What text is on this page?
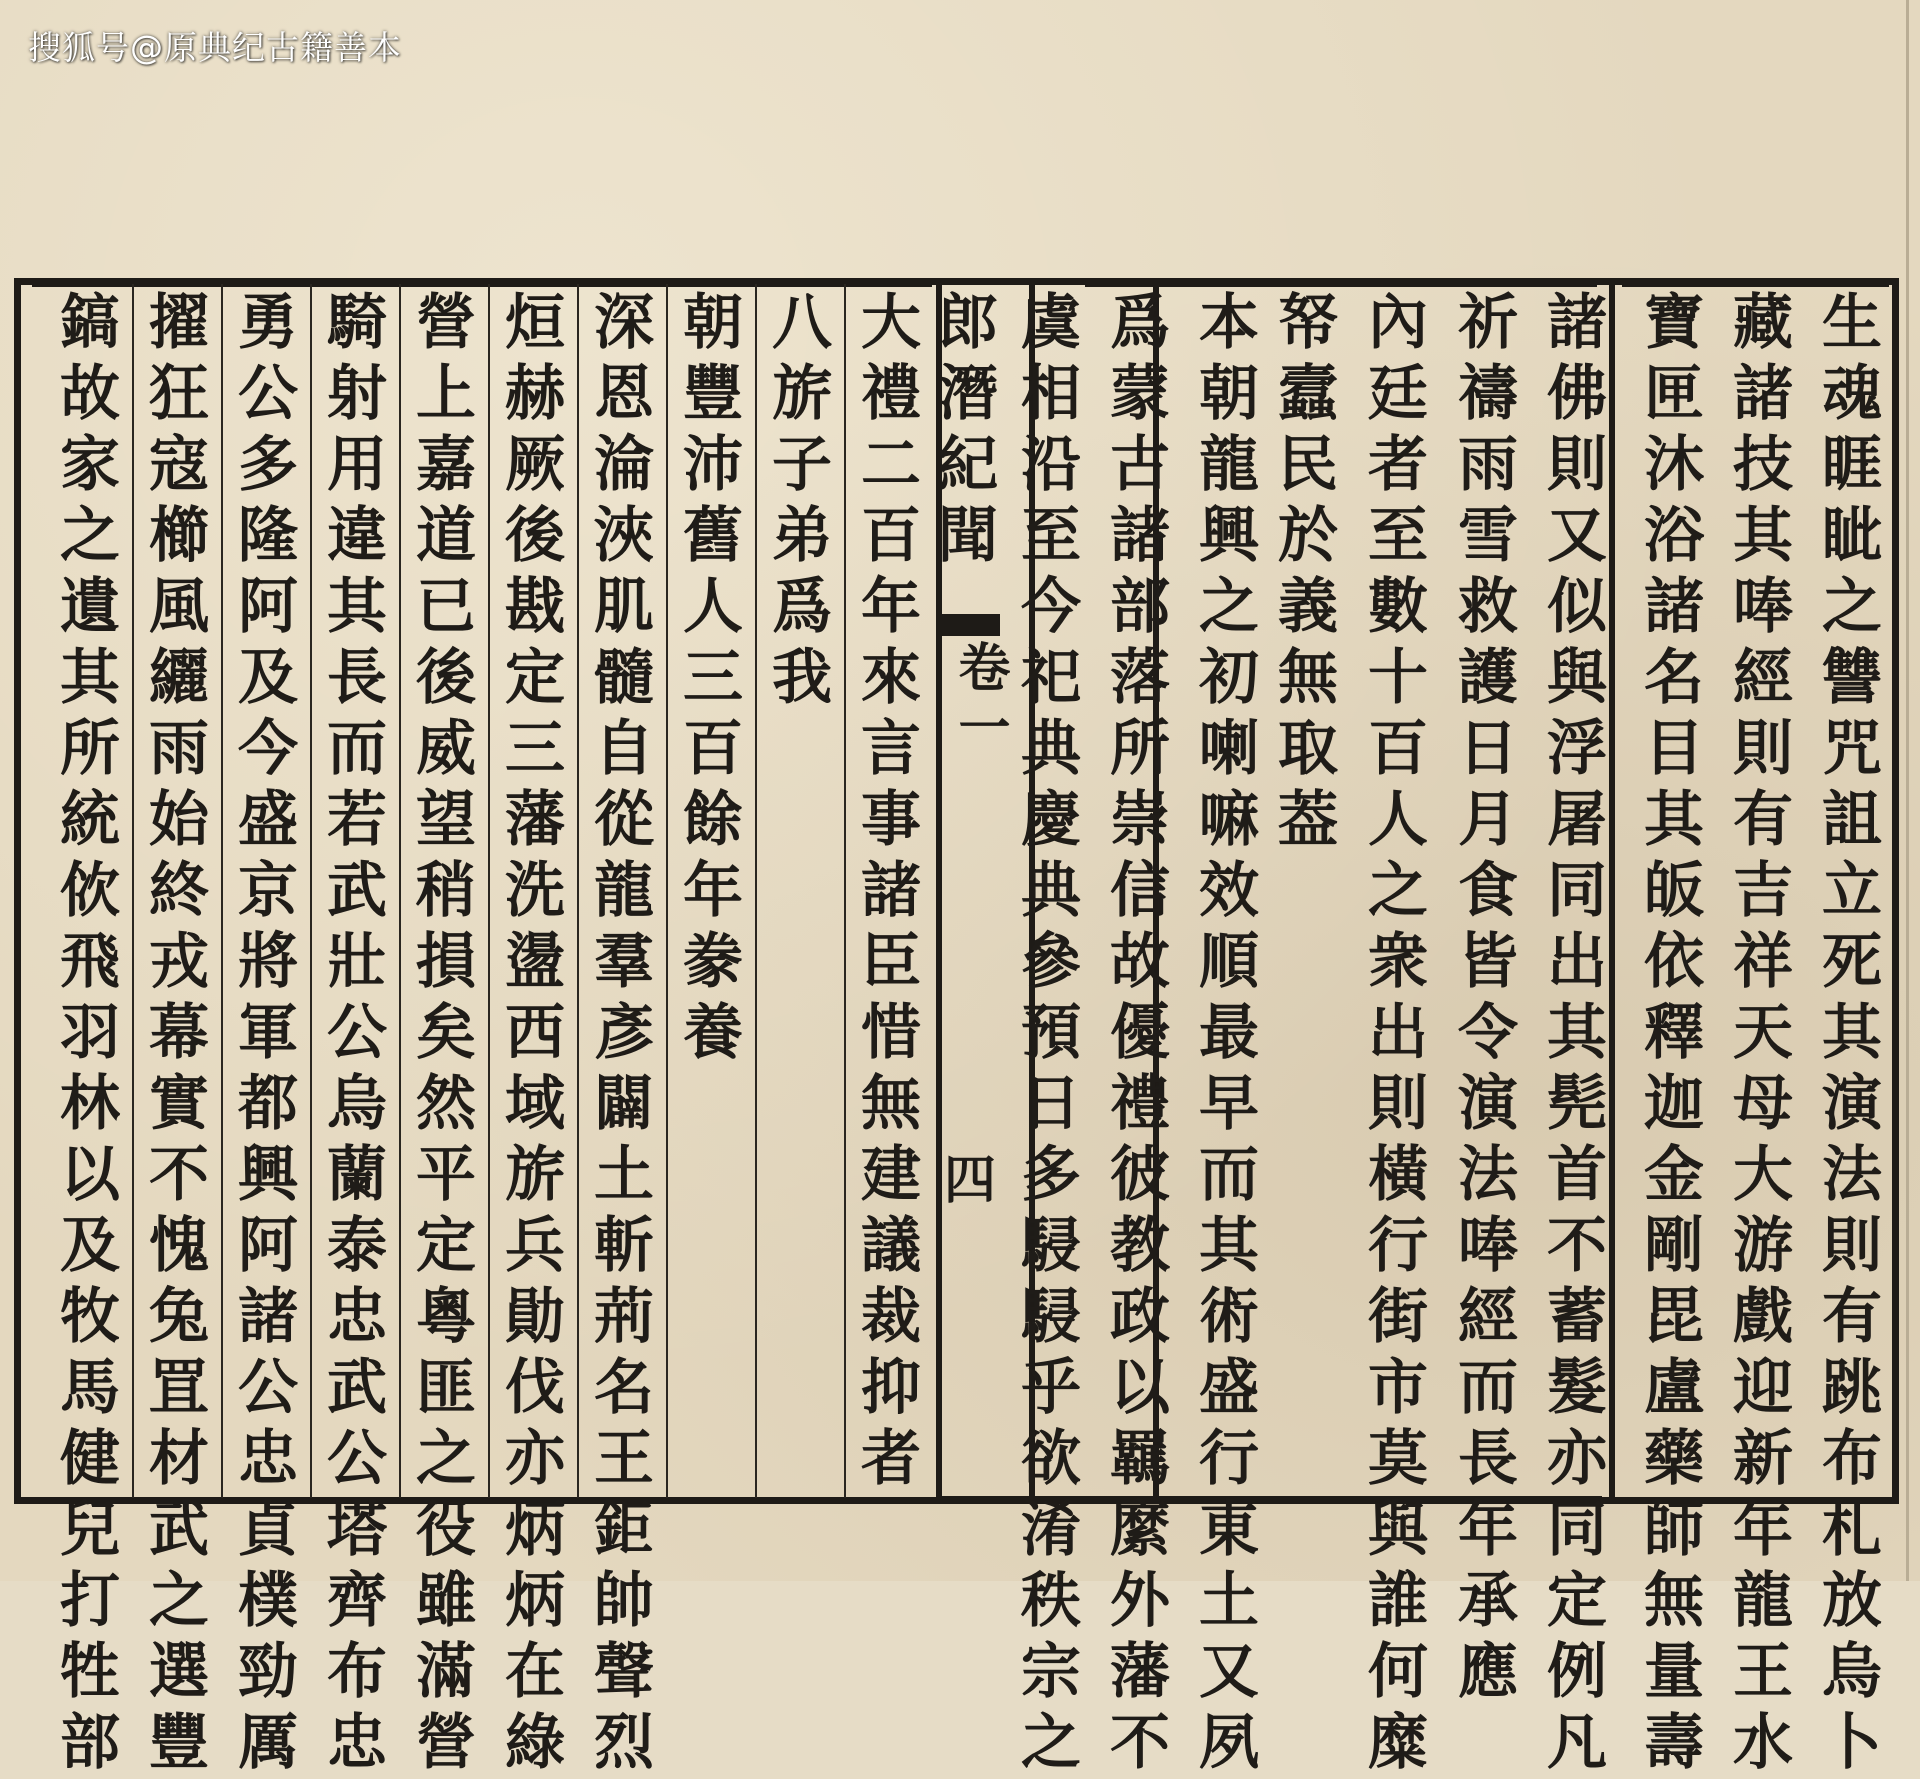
搜狐号@原典纪古籍善本
卷一
四
生
魂
睚
眦
之
讐
咒
詛
立
死
其
演
法
則
有
跳
布
札
放
烏
卜
藏
諸
技
其
唪
經
則
有
吉
祥
天
母
大
游
戲
迎
新
年
龍
王
水
寶
匣
沐
浴
諸
名
目
其
皈
依
釋
迦
金
剛
毘
盧
藥
師
無
量
壽
諸
佛
則
又
似
與
浮
屠
同
出
其
髡
首
不
蓄
髮
亦
同
定
例
凡
祈
禱
雨
雪
救
護
日
月
食
皆
令
演
法
唪
經
而
長
年
承
應
內
廷
者
至
數
十
百
人
之
衆
出
則
橫
行
街
市
莫
與
誰
何
糜
帑
蠧
民
於
義
無
取
葢
本
朝
龍
興
之
初
喇
嘛
效
順
最
早
而
其
術
盛
行
東
土
又
夙
爲
蒙
古
諸
部
落
所
崇
信
故
優
禮
彼
教
政
以
羈
縻
外
藩
不
虞
相
沿
至
今
祀
典
慶
典
參
預
日
多
駸
駸
乎
欲
淆
秩
宗
之
郎
潛
紀
聞
大
禮
二
百
年
來
言
事
諸
臣
惜
無
建
議
裁
抑
者
八
旂
子
弟
爲
我
朝
豐
沛
舊
人
三
百
餘
年
豢
養
深
恩
淪
浹
肌
髓
自
從
龍
羣
彥
闢
土
斬
荊
名
王
鉅
帥
聲
烈
烜
赫
厥
後
戡
定
三
藩
洗
盪
西
域
旂
兵
勛
伐
亦
炳
炳
在
綠
營
上
嘉
道
已
後
威
望
稍
損
矣
然
平
定
粵
匪
之
役
雖
滿
營
騎
射
用
違
其
長
而
若
武
壯
公
烏
蘭
泰
忠
武
公
塔
齊
布
忠
勇
公
多
隆
阿
及
今
盛
京
將
軍
都
興
阿
諸
公
忠
貞
樸
勁
厲
擢
狂
寇
櫛
風
纚
雨
始
終
戎
幕
實
不
愧
兔
罝
材
武
之
選
豐
鎬
故
家
之
遺
其
所
統
佽
飛
羽
林
以
及
牧
馬
健
兒
打
牲
部
